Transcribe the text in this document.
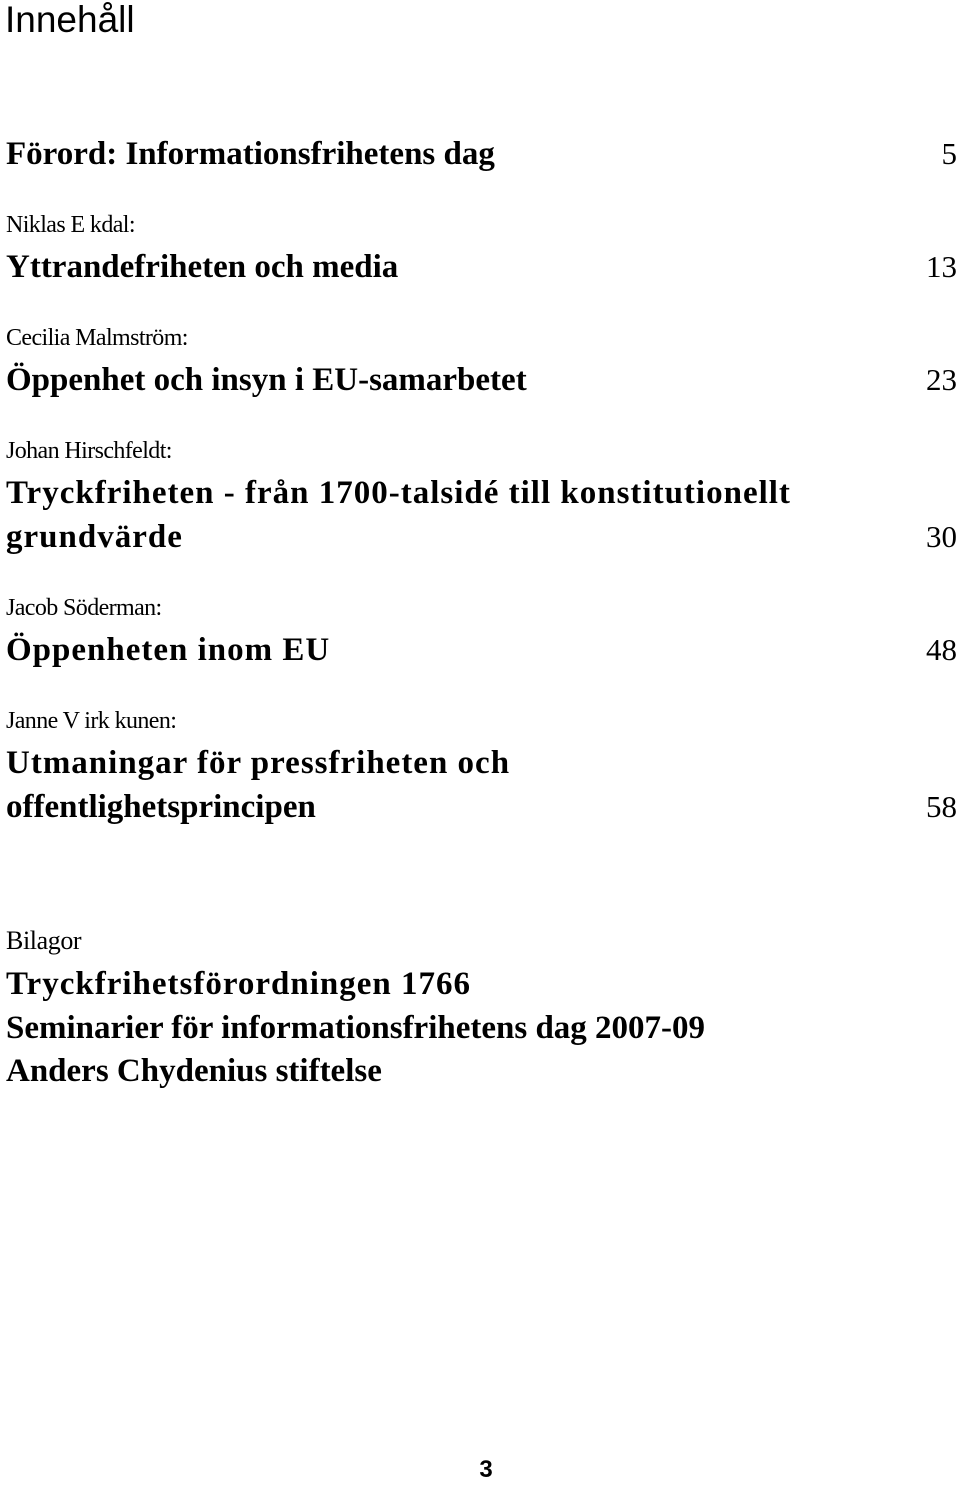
Innehåll
Förord: Informationsfrihetens dag	5
Niklas E kdal:
Yttrandefriheten och media	13
Cecilia Malmström:
Öppenhet och insyn i EU-samarbetet	23
Johan Hirschfeldt:
Tryckfriheten - från 1700-talsidé till konstitutionellt
grundvärde	30
Jacob Söderman:
Öppenheten inom EU	48
Janne V irk kunen:
Utmaningar för pressfriheten och
offentlighetsprincipen	58
Bilagor
Tryckfrihetsförordningen 1766
Seminarier för informationsfrihetens dag 2007-09
Anders Chydenius stiftelse
3
